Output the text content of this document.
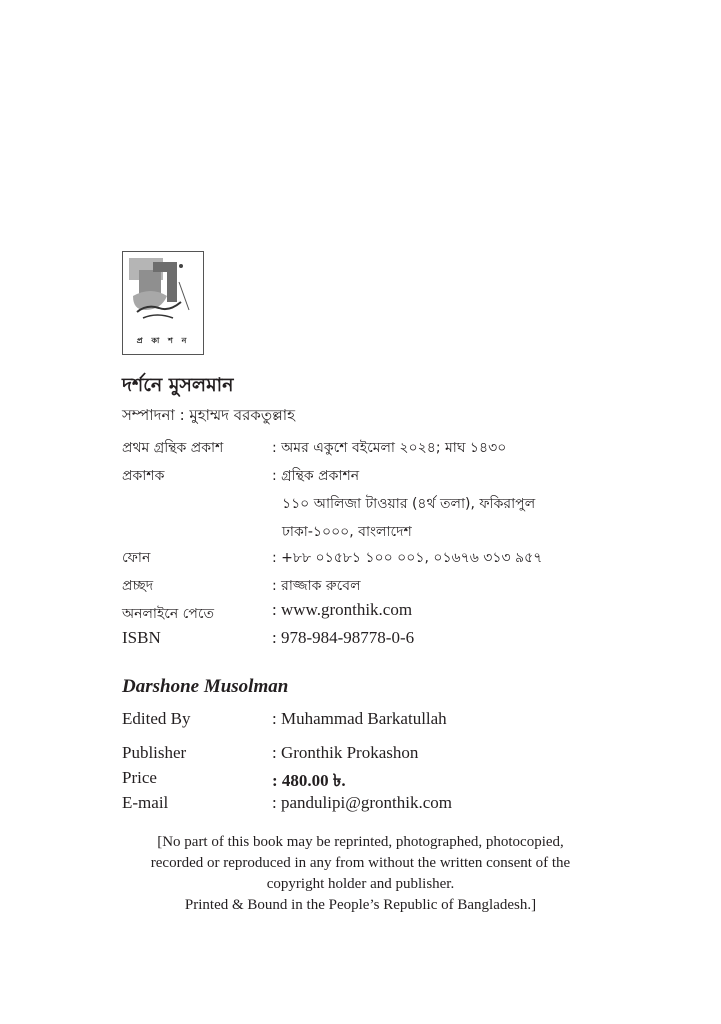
প্র কা শ ন
দর্শনে মুসলমান
সম্পাদনা : মুহাম্মদ বরকতুল্লাহ
প্রথম গ্রন্থিক প্রকাশ	: অমর একুশে বইমেলা ২০২৪; মাঘ ১৪৩০
প্রকাশক	: গ্রন্থিক প্রকাশন
১১০ আলিজা টাওয়ার (৪র্থ তলা), ফকিরাপুল
ঢাকা-১০০০, বাংলাদেশ
ফোন	: +৮৮ ০১৫৮১ ১০০ ০০১, ০১৬৭৬ ৩১৩ ৯৫৭
প্রচ্ছদ	: রাজ্জাক রুবেল
অনলাইনে পেতে	: www.gronthik.com
ISBN	: 978-984-98778-0-6
Darshone Musolman
Edited By	: Muhammad Barkatullah
Publisher	: Gronthik Prokashon
Price	: 480.00 ৳.
E-mail	: pandulipi@gronthik.com
[No part of this book may be reprinted, photographed, photocopied,
recorded or reproduced in any from without the written consent of the
copyright holder and publisher.
Printed & Bound in the People’s Republic of Bangladesh.]
